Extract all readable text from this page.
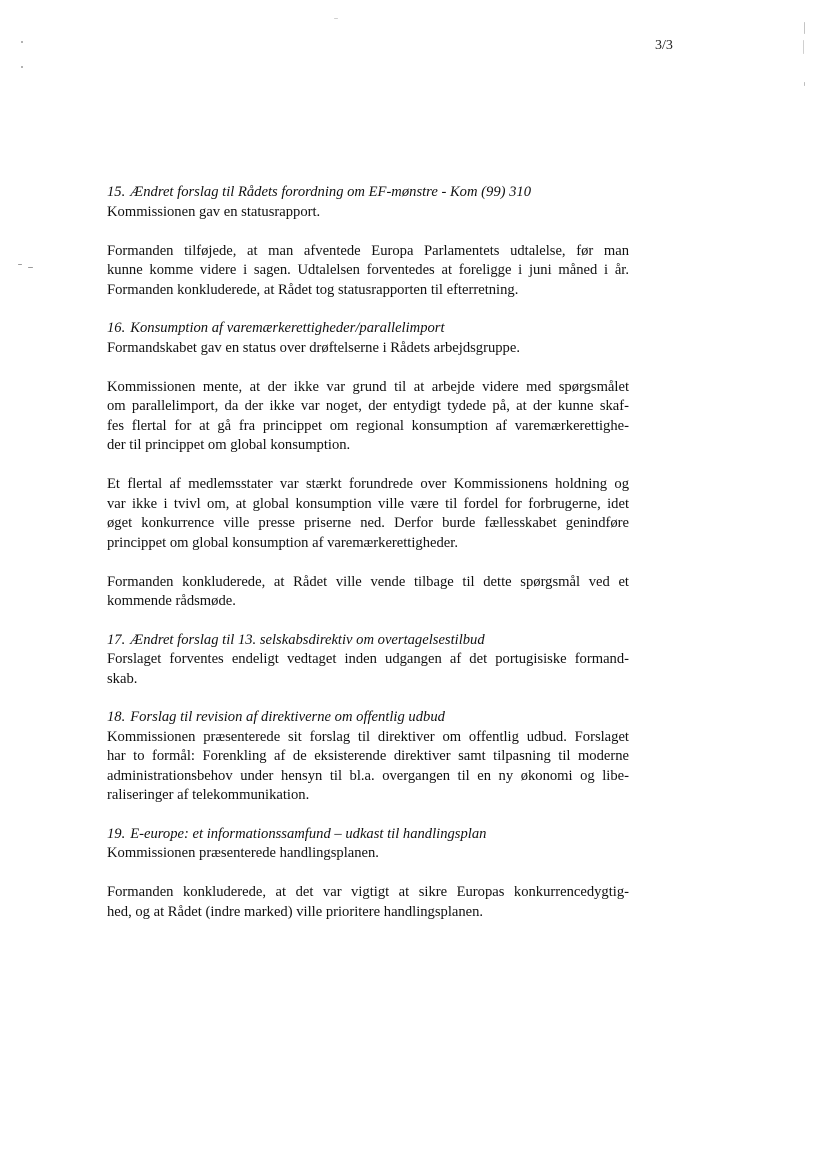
3/3

15. Ændret forslag til Rådets forordning om EF-mønstre - Kom (99) 310

Kommissionen gav en statusrapport.

Formanden tilføjede, at man afventede Europa Parlamentets udtalelse, før man
kunne komme videre i sagen. Udtalelsen forventedes at foreligge i juni måned i år.
Formanden konkluderede, at Rådet tog statusrapporten til efterretning.

16. Konsumption af varemærkerettigheder/parallelimport

Formandskabet gav en status over drøftelserne i Rådets arbejdsgruppe.

Kommissionen mente, at der ikke var grund til at arbejde videre med spørgsmålet
om parallelimport, da der ikke var noget, der entydigt tydede på, at der kunne skaf-
fes flertal for at gå fra princippet om regional konsumption af varemærkerettighe-
der til princippet om global konsumption.

Et flertal af medlemsstater var stærkt forundrede over Kommissionens holdning og
var ikke i tvivl om, at global konsumption ville være til fordel for forbrugerne, idet
øget konkurrence ville presse priserne ned. Derfor burde fællesskabet genindføre
princippet om global konsumption af varemærkerettigheder.

Formanden konkluderede, at Rådet ville vende tilbage til dette spørgsmål ved et
kommende rådsmøde.

17. Ændret forslag til 13. selskabsdirektiv om overtagelsestilbud

Forslaget forventes endeligt vedtaget inden udgangen af det portugisiske formand-
skab.

18. Forslag til revision af direktiverne om offentlig udbud

Kommissionen præsenterede sit forslag til direktiver om offentlig udbud. Forslaget
har to formål: Forenkling af de eksisterende direktiver samt tilpasning til moderne
administrationsbehov under hensyn til bl.a. overgangen til en ny økonomi og libe-
raliseringer af telekommunikation.

19. E-europe: et informationssamfund – udkast til handlingsplan

Kommissionen præsenterede handlingsplanen.

Formanden konkluderede, at det var vigtigt at sikre Europas konkurrencedygtig-
hed, og at Rådet (indre marked) ville prioritere handlingsplanen.
